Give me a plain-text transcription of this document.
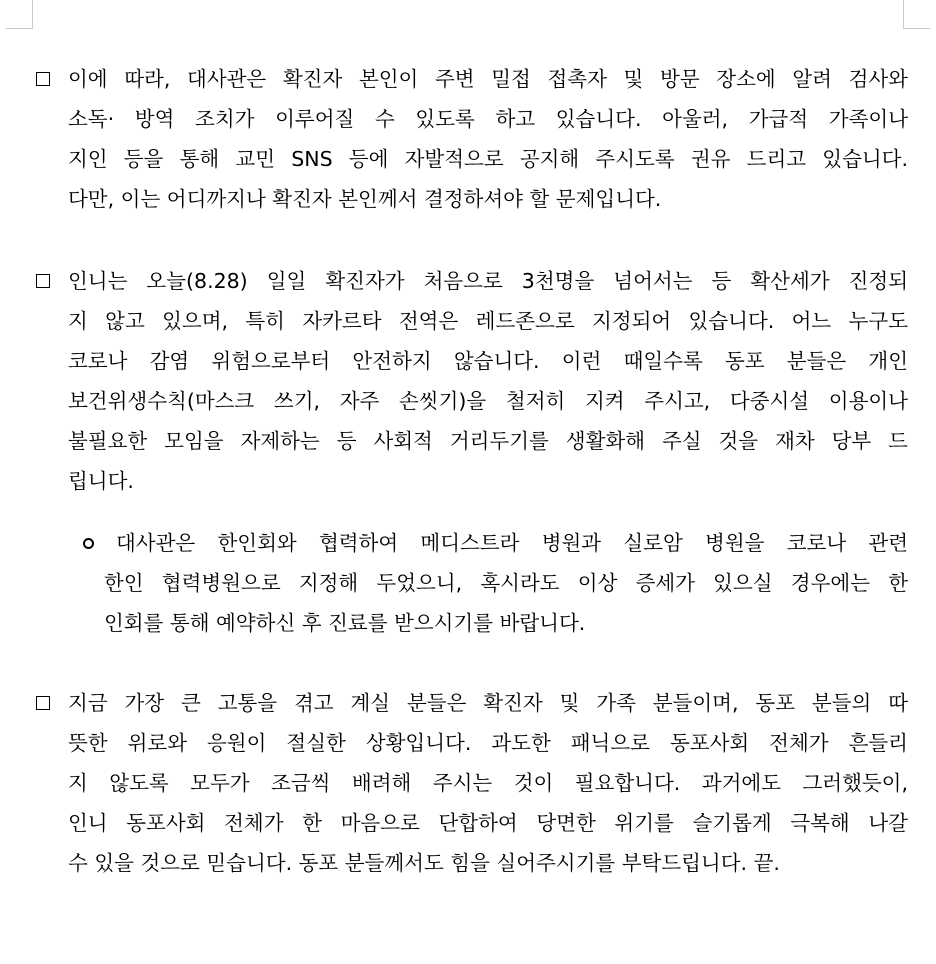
이에 따라, 대사관은 확진자 본인이 주변 밀접 접촉자 및 방문 장소에 알려 검사와
소독· 방역 조치가 이루어질 수 있도록 하고 있습니다. 아울러, 가급적 가족이나
지인 등을 통해 교민 SNS 등에 자발적으로 공지해 주시도록 권유 드리고 있습니다.
다만, 이는 어디까지나 확진자 본인께서 결정하셔야 할 문제입니다.
인니는 오늘(8.28) 일일 확진자가 처음으로 3천명을 넘어서는 등 확산세가 진정되
지 않고 있으며, 특히 자카르타 전역은 레드존으로 지정되어 있습니다. 어느 누구도
코로나 감염 위험으로부터 안전하지 않습니다. 이런 때일수록 동포 분들은 개인
보건위생수칙(마스크 쓰기, 자주 손씻기)을 철저히 지켜 주시고, 다중시설 이용이나
불필요한 모임을 자제하는 등 사회적 거리두기를 생활화해 주실 것을 재차 당부 드
립니다.
대사관은 한인회와 협력하여 메디스트라 병원과 실로암 병원을 코로나 관련
한인 협력병원으로 지정해 두었으니, 혹시라도 이상 증세가 있으실 경우에는 한
인회를 통해 예약하신 후 진료를 받으시기를 바랍니다.
지금 가장 큰 고통을 겪고 계실 분들은 확진자 및 가족 분들이며, 동포 분들의 따
뜻한 위로와 응원이 절실한 상황입니다. 과도한 패닉으로 동포사회 전체가 흔들리
지 않도록 모두가 조금씩 배려해 주시는 것이 필요합니다. 과거에도 그러했듯이,
인니 동포사회 전체가 한 마음으로 단합하여 당면한 위기를 슬기롭게 극복해 나갈
수 있을 것으로 믿습니다. 동포 분들께서도 힘을 실어주시기를 부탁드립니다. 끝.
